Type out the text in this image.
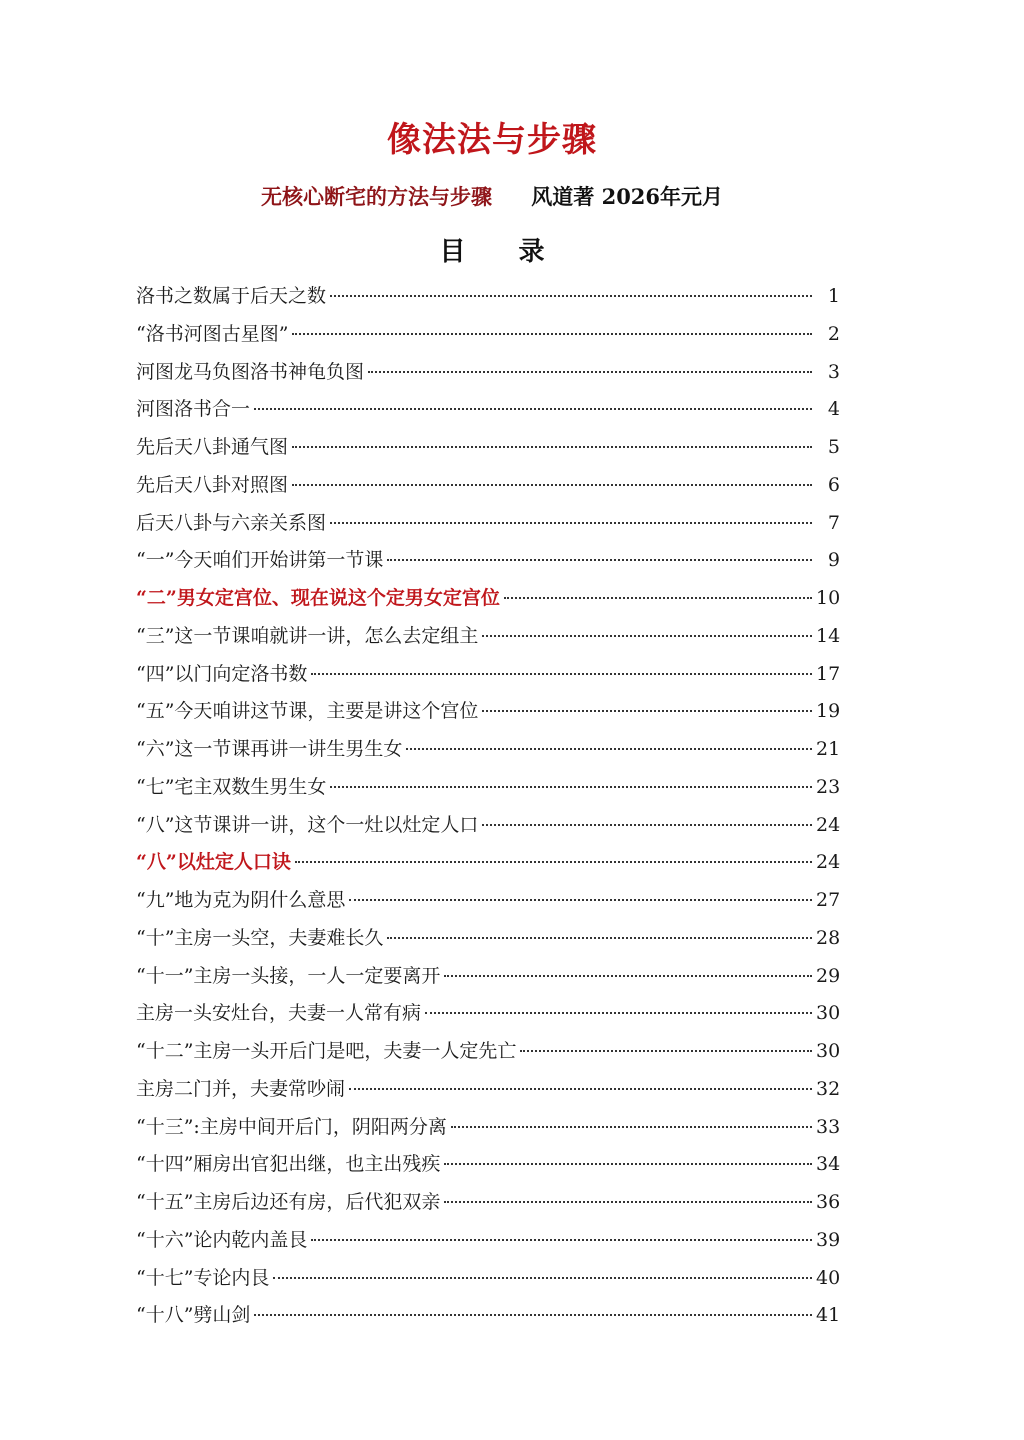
像法法与步骤
无核心断宅的方法与步骤 风道著 2026年元月
目 录
洛书之数属于后天之数	1
“洛书河图古星图”	2
河图龙马负图洛书神龟负图	3
河图洛书合一	4
先后天八卦通气图	5
先后天八卦对照图	6
后天八卦与六亲关系图	7
“一”今天咱们开始讲第一节课	9
“二”男女定宫位、现在说这个定男女定宫位	10
“三”这一节课咱就讲一讲，怎么去定组主	14
“四”以门向定洛书数	17
“五”今天咱讲这节课，主要是讲这个宫位	19
“六”这一节课再讲一讲生男生女	21
“七”宅主双数生男生女	23
“八”这节课讲一讲，这个一灶以灶定人口	24
“八”以灶定人口诀	24
“九”地为克为阴什么意思	27
“十”主房一头空，夫妻难长久	28
“十一”主房一头接，一人一定要离开	29
主房一头安灶台，夫妻一人常有病	30
“十二”主房一头开后门是吧，夫妻一人定先亡	30
主房二门并，夫妻常吵闹	32
“十三”:主房中间开后门，阴阳两分离	33
“十四”厢房出官犯出继，也主出残疾	34
“十五”主房后边还有房，后代犯双亲	36
“十六”论内乾内盖艮	39
“十七”专论内艮	40
“十八”劈山剑	41
